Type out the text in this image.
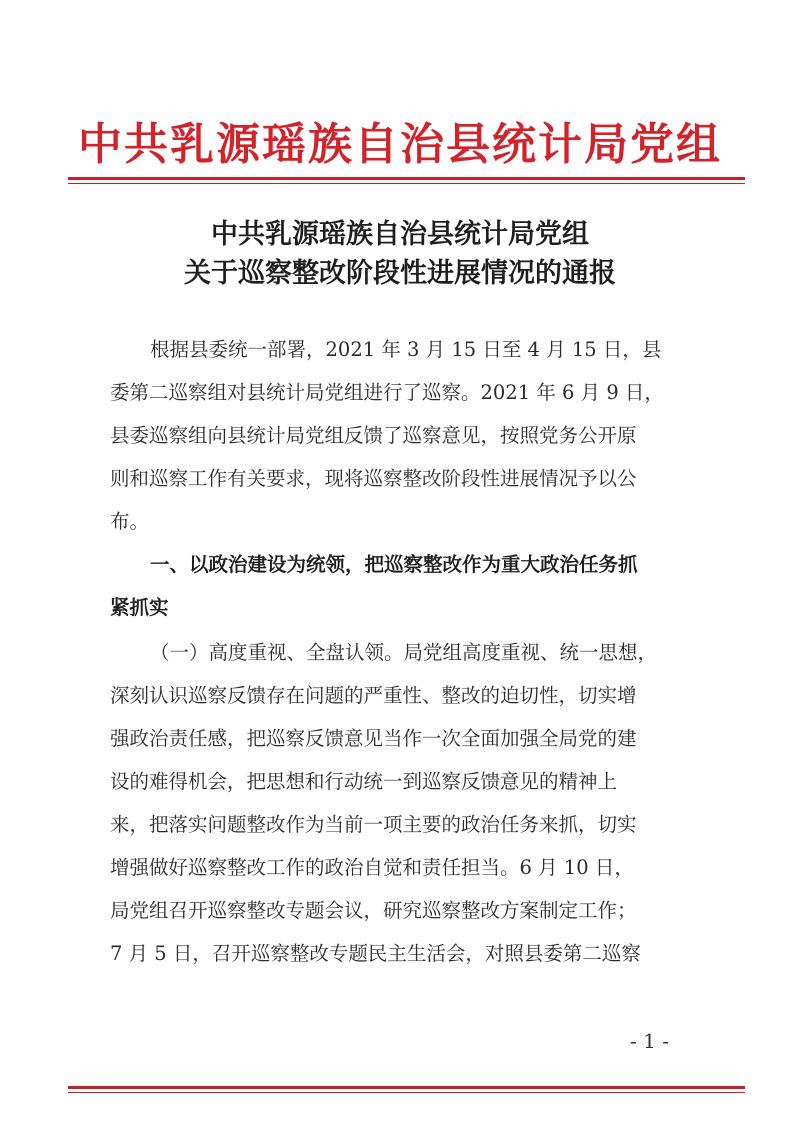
中共乳源瑶族自治县统计局党组
中共乳源瑶族自治县统计局党组
关于巡察整改阶段性进展情况的通报
根据县委统一部署，2021 年 3 月 15 日至 4 月 15 日，县
委第二巡察组对县统计局党组进行了巡察。2021 年 6 月 9 日，
县委巡察组向县统计局党组反馈了巡察意见，按照党务公开原
则和巡察工作有关要求，现将巡察整改阶段性进展情况予以公
布。
一、以政治建设为统领，把巡察整改作为重大政治任务抓
紧抓实
（一）高度重视、全盘认领。局党组高度重视、统一思想，
深刻认识巡察反馈存在问题的严重性、整改的迫切性，切实增
强政治责任感，把巡察反馈意见当作一次全面加强全局党的建
设的难得机会，把思想和行动统一到巡察反馈意见的精神上
来，把落实问题整改作为当前一项主要的政治任务来抓，切实
增强做好巡察整改工作的政治自觉和责任担当。6 月 10 日，
局党组召开巡察整改专题会议，研究巡察整改方案制定工作；
7 月 5 日，召开巡察整改专题民主生活会，对照县委第二巡察
- 1 -
